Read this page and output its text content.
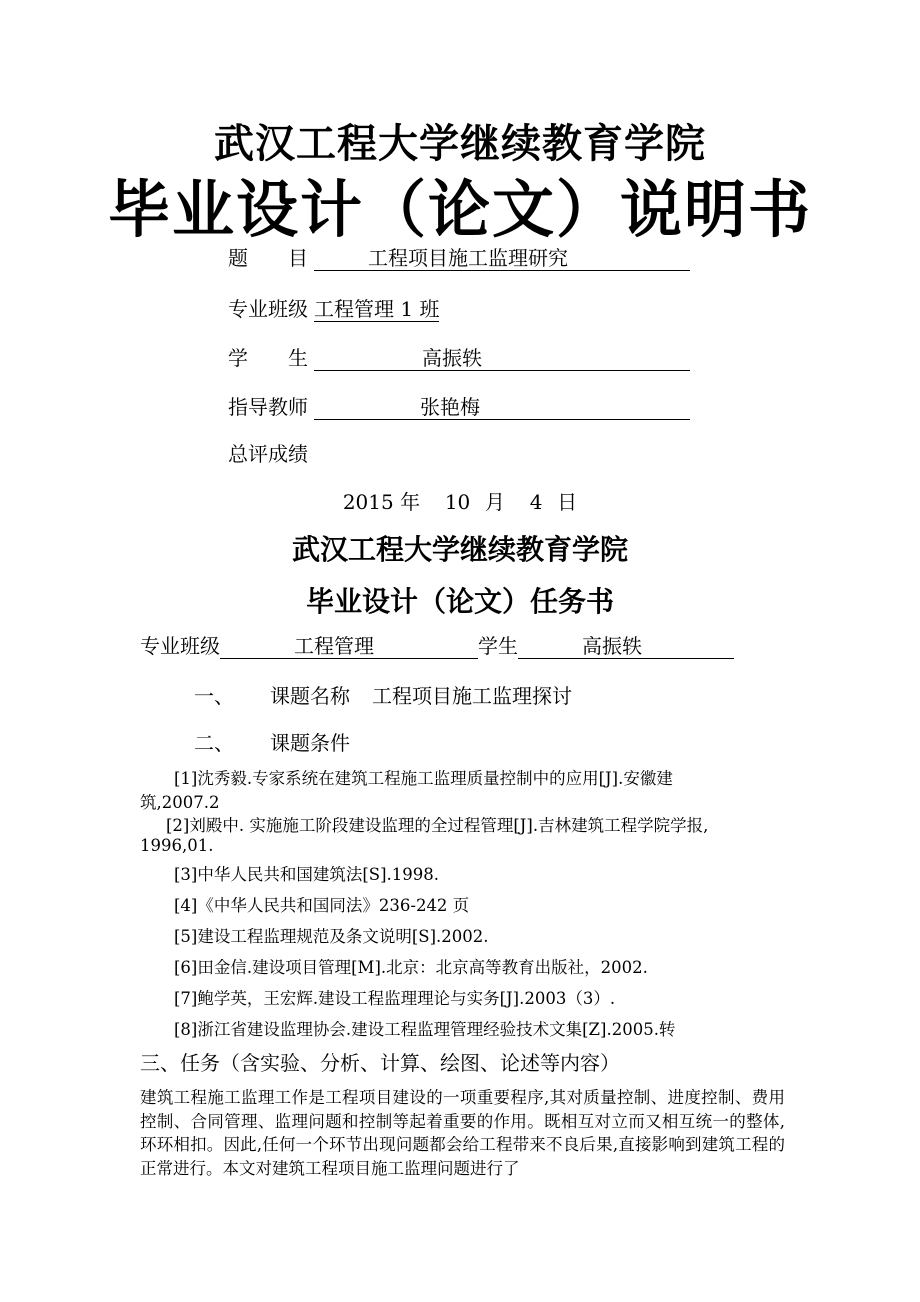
武汉工程大学继续教育学院
毕业设计（论文）说明书
题　　目	工程项目施工监理研究
专业班级 工程管理 1 班
学　　生	高振轶
指导教师	张艳梅
总评成绩
2015 年 10 月 4 日
武汉工程大学继续教育学院
毕业设计（论文）任务书
专业班级	工程管理	学生	高振轶
一、 课题名称 工程项目施工监理探讨
二、 课题条件
[1]沈秀毅.专家系统在建筑工程施工监理质量控制中的应用[J].安徽建
筑,2007.2
[2]刘殿中. 实施施工阶段建设监理的全过程管理[J].吉林建筑工程学院学报,
1996,01.
[3]中华人民共和国建筑法[S].1998.
[4]《中华人民共和国同法》236-242 页
[5]建设工程监理规范及条文说明[S].2002.
[6]田金信.建设项目管理[M].北京：北京高等教育出版社，2002.
[7]鲍学英，王宏辉.建设工程监理理论与实务[J].2003（3）.
[8]浙江省建设监理协会.建设工程监理管理经验技术文集[Z].2005.转
三、任务（含实验、分析、计算、绘图、论述等内容）
建筑工程施工监理工作是工程项目建设的一项重要程序,其对质量控制、进度控制、费用控制、合同管理、监理问题和控制等起着重要的作用。既相互对立而又相互统一的整体,环环相扣。因此,任何一个环节出现问题都会给工程带来不良后果,直接影响到建筑工程的正常进行。本文对建筑工程项目施工监理问题进行了
